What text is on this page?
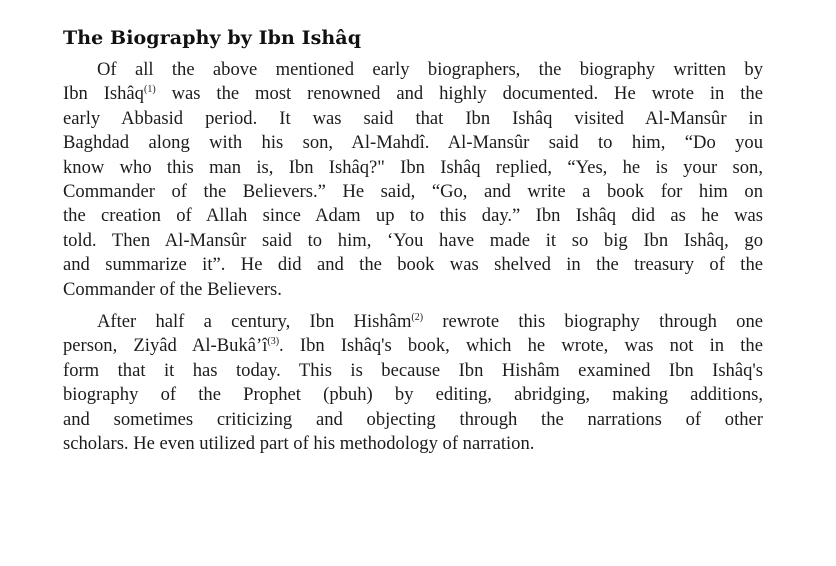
The Biography by Ibn Ishâq

Of all the above mentioned early biographers, the biography written by
Ibn Ishâq$^{(1)}$ was the most renowned and highly documented. He wrote in the
early Abbasid period. It was said that Ibn Ishâq visited Al-Mansûr in
Baghdad along with his son, Al-Mahdî. Al-Mansûr said to him, “Do you
know who this man is, Ibn Ishâq?" Ibn Ishâq replied, “Yes, he is your son,
Commander of the Believers.” He said, “Go, and write a book for him on
the creation of Allah since Adam up to this day.” Ibn Ishâq did as he was
told. Then Al-Mansûr said to him, ‘You have made it so big Ibn Ishâq, go
and summarize it”. He did and the book was shelved in the treasury of the
Commander of the Believers.

After half a century, Ibn Hishâm$^{(2)}$ rewrote this biography through one
person, Ziyâd $Al-Bukâ’î^{(3)}$. Ibn Ishâq's book, which he wrote, was not in the
form that it has today. This is because Ibn Hishâm examined Ibn Ishâq's
biography of the Prophet (pbuh) by editing, abridging, making additions,
and sometimes criticizing and objecting through the narrations of other
scholars. He even utilized part of his methodology of narration.
